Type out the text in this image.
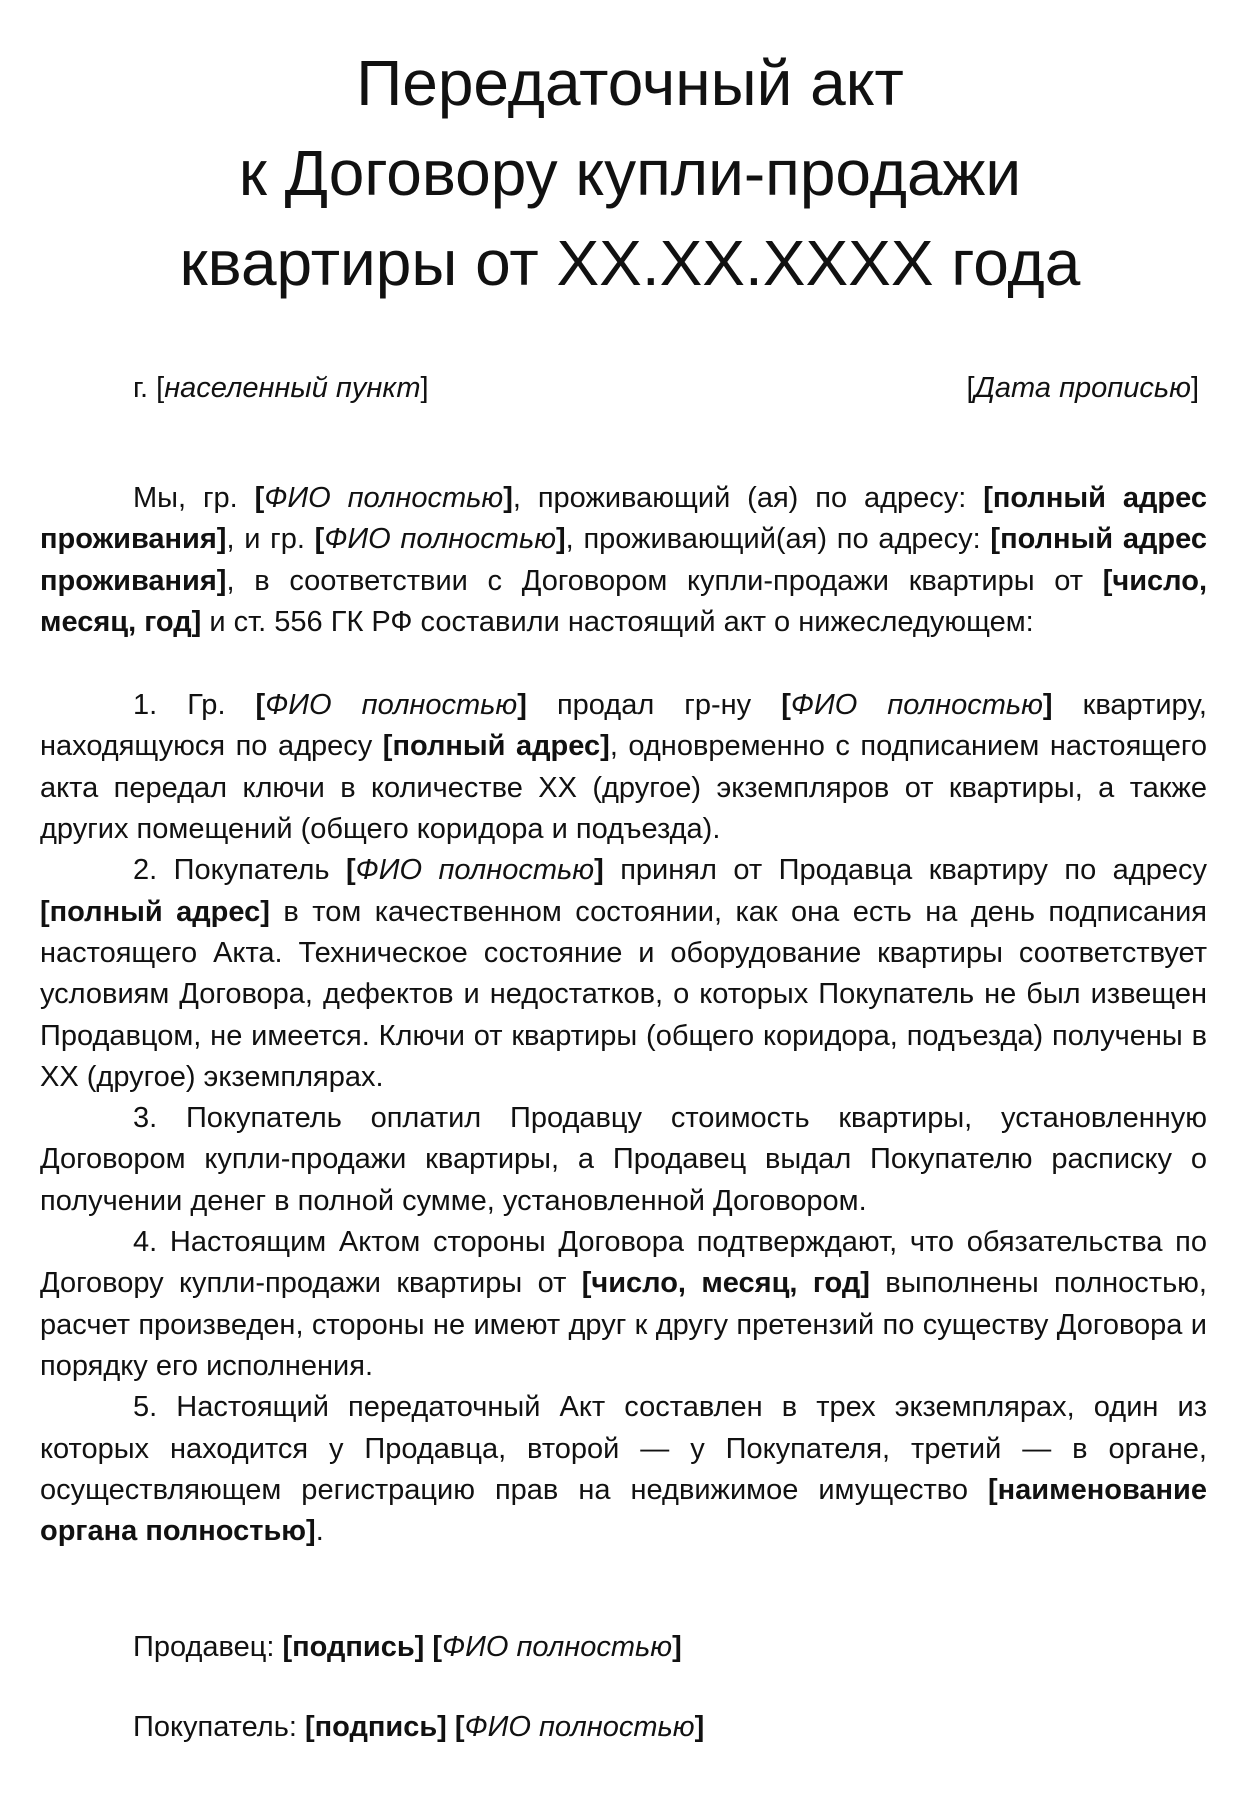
Передаточный акт
к Договору купли-продажи
квартиры от XX.XX.XXXX года
г. [населенный пункт]	[Дата прописью]

Мы, гр. [ФИО полностью], проживающий (ая) по адресу: [полный адрес проживания], и гр. [ФИО полностью], проживающий(ая) по адресу: [полный адрес проживания], в соответствии с Договором купли-продажи квартиры от [число, месяц, год] и ст. 556 ГК РФ составили настоящий акт о нижеследующем:

1. Гр. [ФИО полностью] продал гр-ну [ФИО полностью] квартиру, находящуюся по адресу [полный адрес], одновременно с подписанием настоящего акта передал ключи в количестве XX (другое) экземпляров от квартиры, а также других помещений (общего коридора и подъезда).

2. Покупатель [ФИО полностью] принял от Продавца квартиру по адресу [полный адрес] в том качественном состоянии, как она есть на день подписания настоящего Акта. Техническое состояние и оборудование квартиры соответствует условиям Договора, дефектов и недостатков, о которых Покупатель не был извещен Продавцом, не имеется. Ключи от квартиры (общего коридора, подъезда) получены в XX (другое) экземплярах.

3. Покупатель оплатил Продавцу стоимость квартиры, установленную Договором купли-продажи квартиры, а Продавец выдал Покупателю расписку о получении денег в полной сумме, установленной Договором.

4. Настоящим Актом стороны Договора подтверждают, что обязательства по Договору купли-продажи квартиры от [число, месяц, год] выполнены полностью, расчет произведен, стороны не имеют друг к другу претензий по существу Договора и порядку его исполнения.

5. Настоящий передаточный Акт составлен в трех экземплярах, один из которых находится у Продавца, второй — у Покупателя, третий — в органе, осуществляющем регистрацию прав на недвижимое имущество [наименование органа полностью].

Продавец: [подпись] [ФИО полностью]
Покупатель: [подпись] [ФИО полностью]
